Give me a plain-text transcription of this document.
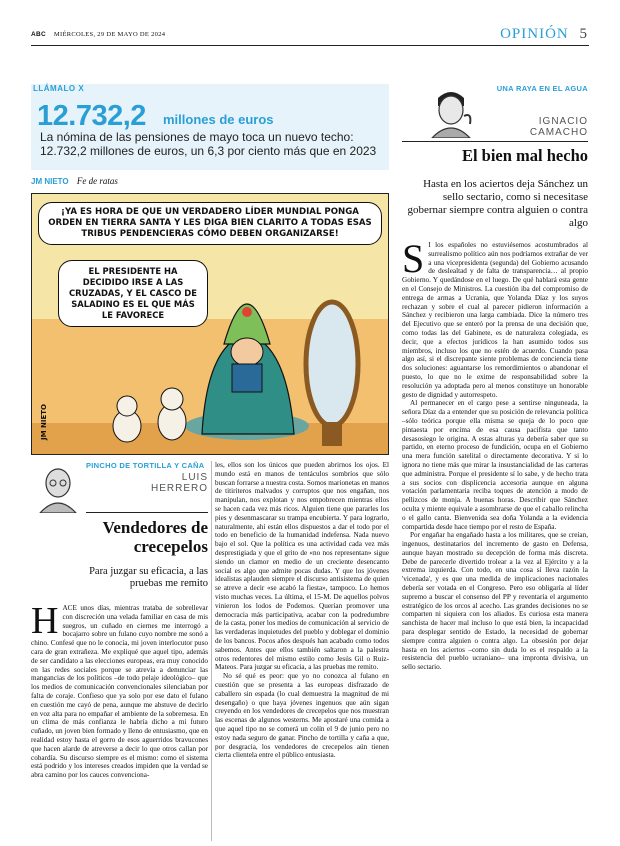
ABC MIÉRCOLES, 29 DE MAYO DE 2024	OPINIÓN 5
LLÁMALO X
12.732,2 millones de euros
La nómina de las pensiones de mayo toca un nuevo techo: 12.732,2 millones de euros, un 6,3 por ciento más que en 2023
JM NIETO Fe de ratas
¡YA ES HORA DE QUE UN VERDADERO LÍDER MUNDIAL PONGA ORDEN EN TIERRA SANTA Y LES DIGA BIEN CLARITO A TODAS ESAS TRIBUS PENDENCIERAS CÓMO DEBEN ORGANIZARSE!
EL PRESIDENTE HA DECIDIDO IRSE A LAS CRUZADAS, Y EL CASCO DE SALADINO ES EL QUE MÁS LE FAVORECE
JM NIETO
PINCHO DE TORTILLA Y CAÑA
LUIS
HERRERO
Vendedores de crecepelos
Para juzgar su eficacia, a las pruebas me remito

HACE unos días, mientras trataba de sobrellevar con discreción una velada familiar en casa de mis suegros, un cuñado en ciernes me interrogó a bocajarro sobre un fulano cuyo nombre me sonó a chino. Confesé que no le conocía, mi joven interlocutor puso cara de gran extrañeza. Me expliqué que aquel tipo, además de ser candidato a las elecciones europeas, era muy conocido en las redes sociales porque se atrevía a denunciar las mangancias de los políticos –de todo pelaje ideológico– que los medios de comunicación convencionales silenciaban por falta de coraje. Confieso que ya solo por ese dato el fulano en cuestión me cayó de pena, aunque me abstuve de decirlo en voz alta para no empañar el ambiente de la sobremesa. En un clima de más confianza le habría dicho a mi futuro cuñado, un joven bien formado y lleno de entusiasmo, que en realidad estoy hasta el gorro de esos aguerridos bravucones que hacen alarde de atreverse a decir lo que otros callan por cobardía. Su discurso siempre es el mismo: como el sistema está podrido y los intereses creados impiden que la verdad se abra camino por los cauces convenciona-

les, ellos son los únicos que pueden abrirnos los ojos. El mundo está en manos de tentáculos sombríos que sólo buscan forrarse a nuestra costa. Somos marionetas en manos de titiriteros malvados y corruptos que nos engañan, nos manipulan, nos explotan y nos empobrecen mientras ellos se hacen cada vez más ricos. Alguien tiene que pararles los pies y desenmascarar su trampa encubierta. Y para lograrlo, naturalmente, ahí están ellos dispuestos a dar el todo por el todo en beneficio de la humanidad indefensa. Nada nuevo bajo el sol. Que la política es una actividad cada vez más desprestigiada y que el grito de «no nos representan» sigue siendo un clamor en medio de un creciente desencanto social es algo que admite pocas dudas. Y que los jóvenes idealistas aplauden siempre el discurso antisistema de quien se atreve a decir «se acabó la fiesta», tampoco. Lo hemos visto muchas veces. La última, el 15-M. De aquellos polvos vinieron los lodos de Podemos. Querían promover una democracia más participativa, acabar con la podredumbre de la casta, poner los medios de comunicación al servicio de las verdaderas inquietudes del pueblo y doblegar el dominio de los bancos. Pocos años después han acabado como todos sabemos. Antes que ellos también saltaron a la palestra otros redentores del mismo estilo como Jesús Gil o Ruiz-Mateos. Para juzgar su eficacia, a las pruebas me remito.

No sé qué es peor: que yo no conozca al fulano en cuestión que se presenta a las europeas disfrazado de caballero sin espada (lo cual demuestra la magnitud de mi desengaño) o que haya jóvenes ingenuos que aún sigan creyendo en los vendedores de crecepelos que nos muestran las escenas de algunos westerns. Me apostaré una comida a que aquel tipo no se comerá un colín el 9 de junio pero no estoy nada seguro de ganar. Pincho de tortilla y caña a que, por desgracia, los vendedores de crecepelos aún tienen cierta clientela entre el público entusiasta.

UNA RAYA EN EL AGUA
IGNACIO
CAMACHO
El bien mal hecho
Hasta en los aciertos deja Sánchez un sello sectario, como si necesitase gobernar siempre contra alguien o contra algo

S I los españoles no estuviésemos acostumbrados al surrealismo político aún nos podríamos extrañar de ver a una vicepresidenta (segunda) del Gobierno acusando de deslealtad y de falta de transparencia… al propio Gobierno. Y quedándose en el luego. De qué hablará esta gente en el Consejo de Ministros. La cuestión iba del compromiso de entrega de armas a Ucrania, que Yolanda Díaz y los suyos rechazan y sobre el cual al parecer pidieron información a Sánchez y recibieron una larga cambiada. Dice la número tres del Ejecutivo que se enteró por la prensa de una decisión que, como todas las del Gabinete, es de naturaleza colegiada, es decir, que a efectos jurídicos la han asumido todos sus miembros, incluso los que no estén de acuerdo. Cuando pasa algo así, si el discrepante siente problemas de conciencia tiene dos soluciones: aguantarse los remordimientos o abandonar el puesto, lo que no le exime de responsabilidad sobre la resolución ya adoptada pero al menos constituye un honorable gesto de dignidad y autorrespeto.

Al permanecer en el cargo pese a sentirse ninguneada, la señora Díaz da a entender que su posición de relevancia política –sólo teórica porque ella misma se queja de lo poco que pintaesta por encima de esa causa pacifista que tanto desasosiego le origina. A estas alturas ya debería saber que su partido, en eterno proceso de fundición, ocupa en el Gobierno una mera función satelital o directamente decorativa. Y si lo ignora no tiene más que mirar la insustancialidad de las carteras que administra. Porque el presidente sí lo sabe, y de hecho trata a sus socios con displicencia accesoria aunque en alguna votación parlamentaria reciba toques de atención a modo de pellizcos de monja. A buenas horas. Describir que Sánchez oculta y miente equivale a asombrarse de que el caballo relincha o el gallo canta. Bienvenida sea doña Yolanda a la evidencia compartida desde hace tiempo por el resto de España.

Por engañar ha engañado hasta a los militares, que se creían, ingenuos, destinatarios del incremento de gasto en Defensa, aunque hayan mostrado su decepción de forma más discreta. Debe de parecerle divertido trolear a la vez al Ejército y a la extrema izquierda. Con todo, en una cosa sí lleva razón la 'vicenada', y es que una medida de implicaciones nacionales debería ser votada en el Congreso. Pero eso obligaría al líder supremo a buscar el consenso del PP y reventaría el argumento estratégico de los orcos al acecho. Las grandes decisiones no se comparten ni siquiera con los aliados. Es curiosa esta manera sanchista de hacer mal incluso lo que está bien, la incapacidad para desplegar sentido de Estado, la necesidad de gobernar siempre contra alguien o contra algo. La obsesión por dejar hasta en los aciertos –como sin duda lo es el respaldo a la resistencia del pueblo ucraniano– una impronta divisiva, un sello sectario.
